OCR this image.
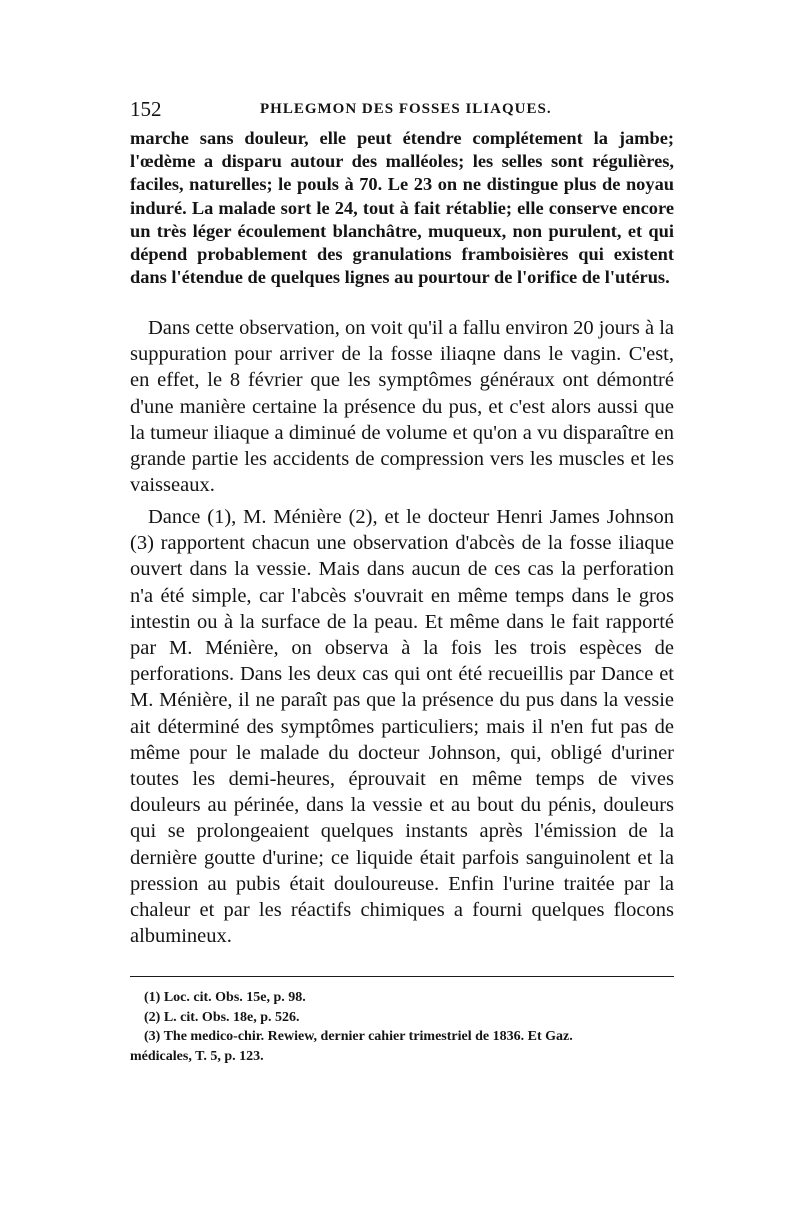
152	PHLEGMON DES FOSSES ILIAQUES.

marche sans douleur, elle peut étendre complétement la jambe; l'œdème a disparu autour des malléoles; les selles sont régulières, faciles, naturelles; le pouls à 70. Le 23 on ne distingue plus de noyau induré. La malade sort le 24, tout à fait rétablie; elle conserve encore un très léger écoulement blanchâtre, muqueux, non purulent, et qui dépend probablement des granulations framboisières qui existent dans l'étendue de quelques lignes au pourtour de l'orifice de l'utérus.

Dans cette observation, on voit qu'il a fallu environ 20 jours à la suppuration pour arriver de la fosse iliaqne dans le vagin. C'est, en effet, le 8 février que les symptômes généraux ont démontré d'une manière certaine la présence du pus, et c'est alors aussi que la tumeur iliaque a diminué de volume et qu'on a vu disparaître en grande partie les accidents de compression vers les muscles et les vaisseaux.

Dance (1), M. Ménière (2), et le docteur Henri James Johnson (3) rapportent chacun une observation d'abcès de la fosse iliaque ouvert dans la vessie. Mais dans aucun de ces cas la perforation n'a été simple, car l'abcès s'ouvrait en même temps dans le gros intestin ou à la surface de la peau. Et même dans le fait rapporté par M. Ménière, on observa à la fois les trois espèces de perforations. Dans les deux cas qui ont été recueillis par Dance et M. Ménière, il ne paraît pas que la présence du pus dans la vessie ait déterminé des symptômes particuliers; mais il n'en fut pas de même pour le malade du docteur Johnson, qui, obligé d'uriner toutes les demi-heures, éprouvait en même temps de vives douleurs au périnée, dans la vessie et au bout du pénis, douleurs qui se prolongeaient quelques instants après l'émission de la dernière goutte d'urine; ce liquide était parfois sanguinolent et la pression au pubis était douloureuse. Enfin l'urine traitée par la chaleur et par les réactifs chimiques a fourni quelques flocons albumineux.

(1) Loc. cit. Obs. 15e, p. 98.

(2) L. cit. Obs. 18e, p. 526.

(3) The medico-chir. Rewiew, dernier cahier trimestriel de 1836. Et Gaz.

médicales, T. 5, p. 123.
